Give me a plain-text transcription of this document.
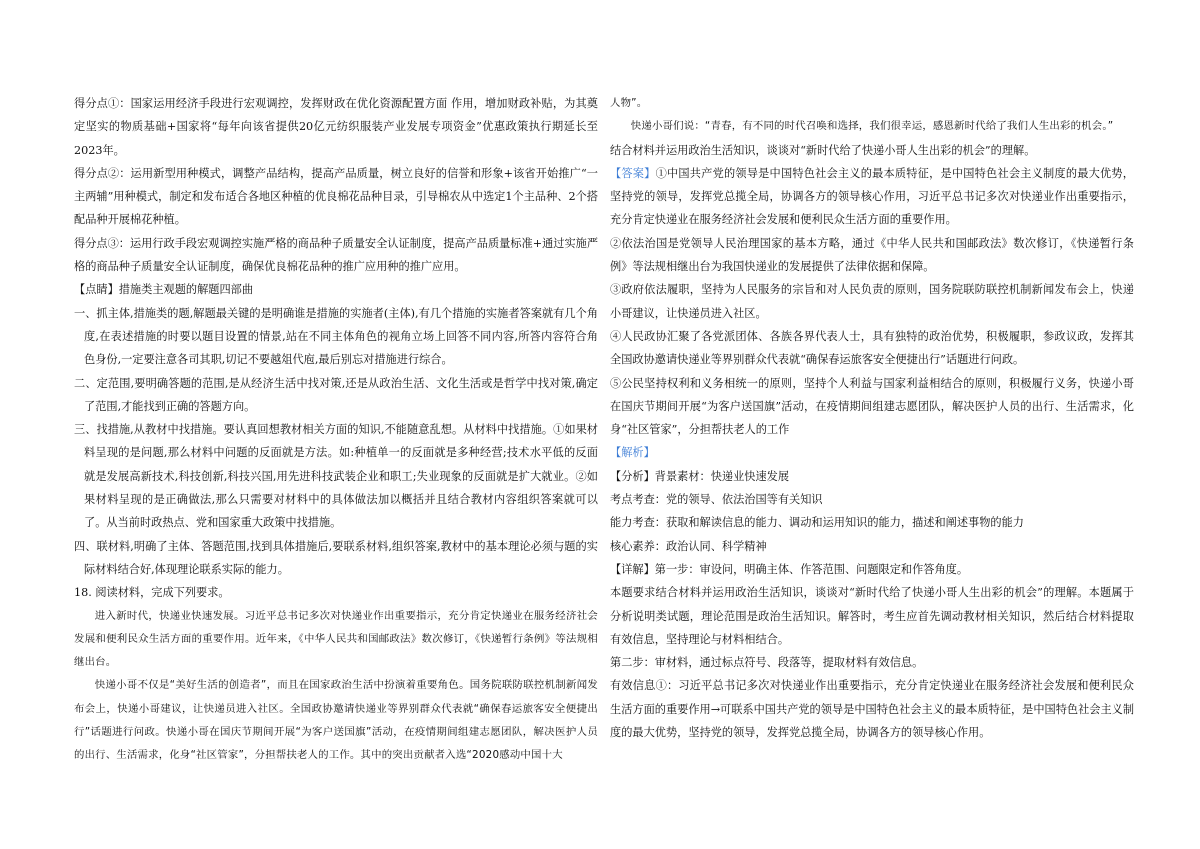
得分点①：国家运用经济手段进行宏观调控，发挥财政在优化资源配置方面 作用，增加财政补贴，为其奠定坚实的物质基础+国家将“每年向该省提供20亿元纺织服装产业发展专项资金”优惠政策执行期延长至2023年。

得分点②：运用新型用种模式，调整产品结构，提高产品质量，树立良好的信誉和形象+该省开始推广“一主两辅”用种模式，制定和发布适合各地区种植的优良棉花品种目录，引导棉农从中选定1个主品种、2个搭配品种开展棉花种植。

得分点③：运用行政手段宏观调控实施严格的商品种子质量安全认证制度，提高产品质量标准+通过实施严格的商品种子质量安全认证制度，确保优良棉花品种的推广应用种的推广应用。

【点睛】措施类主观题的解题四部曲

一、抓主体,措施类的题,解题最关键的是明确谁是措施的实施者(主体),有几个措施的实施者答案就有几个角度,在表述措施的时要以题目设置的情景,站在不同主体角色的视角立场上回答不同内容,所答内容符合角色身份,一定要注意各司其职,切记不要越俎代庖,最后别忘对措施进行综合。

二、定范围,要明确答题的范围,是从经济生活中找对策,还是从政治生活、文化生活或是哲学中找对策,确定了范围,才能找到正确的答题方向。

三、找措施,从教材中找措施。要认真回想教材相关方面的知识,不能随意乱想。从材料中找措施。①如果材料呈现的是问题,那么材料中问题的反面就是方法。如:种植单一的反面就是多种经营;技术水平低的反面就是发展高新技术,科技创新,科技兴国,用先进科技武装企业和职工;失业现象的反面就是扩大就业。②如果材料呈现的是正确做法,那么只需要对材料中的具体做法加以概括并且结合教材内容组织答案就可以了。从当前时政热点、党和国家重大政策中找措施。

四、联材料,明确了主体、答题范围,找到具体措施后,要联系材料,组织答案,教材中的基本理论必须与题的实际材料结合好,体现理论联系实际的能力。

18. 阅读材料，完成下列要求。

进入新时代，快递业快速发展。习近平总书记多次对快递业作出重要指示，充分肯定快递业在服务经济社会发展和便利民众生活方面的重要作用。近年来，《中华人民共和国邮政法》数次修订，《快递暂行条例》等法规相继出台。

快递小哥不仅是“美好生活的创造者”，而且在国家政治生活中扮演着重要角色。国务院联防联控机制新闻发布会上，快递小哥建议，让快递员进入社区。全国政协邀请快递业等界别群众代表就“确保春运旅客安全便捷出行”话题进行问政。快递小哥在国庆节期间开展“为客户送国旗”活动，在疫情期间组建志愿团队，解决医护人员的出行、生活需求，化身“社区管家”，分担帮扶老人的工作。其中的突出贡献者入选“2020感动中国十大

人物”。

快递小哥们说：“青春，有不同的时代召唤和选择，我们很幸运，感恩新时代给了我们人生出彩的机会。”

结合材料并运用政治生活知识，谈谈对“新时代给了快递小哥人生出彩的机会”的理解。

【答案】①中国共产党的领导是中国特色社会主义的最本质特征，是中国特色社会主义制度的最大优势，坚持党的领导，发挥党总揽全局，协调各方的领导核心作用，习近平总书记多次对快递业作出重要指示，充分肯定快递业在服务经济社会发展和便利民众生活方面的重要作用。

②依法治国是党领导人民治理国家的基本方略，通过《中华人民共和国邮政法》数次修订，《快递暂行条例》等法规相继出台为我国快递业的发展提供了法律依据和保障。

③政府依法履职，坚持为人民服务的宗旨和对人民负责的原则，国务院联防联控机制新闻发布会上，快递小哥建议，让快递员进入社区。

④人民政协汇聚了各党派团体、各族各界代表人士，具有独特的政治优势，积极履职，参政议政，发挥其全国政协邀请快递业等界别群众代表就“确保春运旅客安全便捷出行”话题进行问政。

⑤公民坚持权利和义务相统一的原则，坚持个人利益与国家利益相结合的原则，积极履行义务，快递小哥在国庆节期间开展“为客户送国旗”活动，在疫情期间组建志愿团队，解决医护人员的出行、生活需求，化身“社区管家”，分担帮扶老人的工作

【解析】

【分析】背景素材：快递业快速发展

考点考查：党的领导、依法治国等有关知识

能力考查：获取和解读信息的能力、调动和运用知识的能力，描述和阐述事物的能力

核心素养：政治认同、科学精神

【详解】第一步：审设问，明确主体、作答范围、问题限定和作答角度。

本题要求结合材料并运用政治生活知识，谈谈对“新时代给了快递小哥人生出彩的机会”的理解。本题属于分析说明类试题，理论范围是政治生活知识。解答时，考生应首先调动教材相关知识，然后结合材料提取有效信息，坚持理论与材料相结合。

第二步：审材料，通过标点符号、段落等，提取材料有效信息。

有效信息①：习近平总书记多次对快递业作出重要指示，充分肯定快递业在服务经济社会发展和便利民众生活方面的重要作用→可联系中国共产党的领导是中国特色社会主义的最本质特征，是中国特色社会主义制度的最大优势，坚持党的领导，发挥党总揽全局，协调各方的领导核心作用。
